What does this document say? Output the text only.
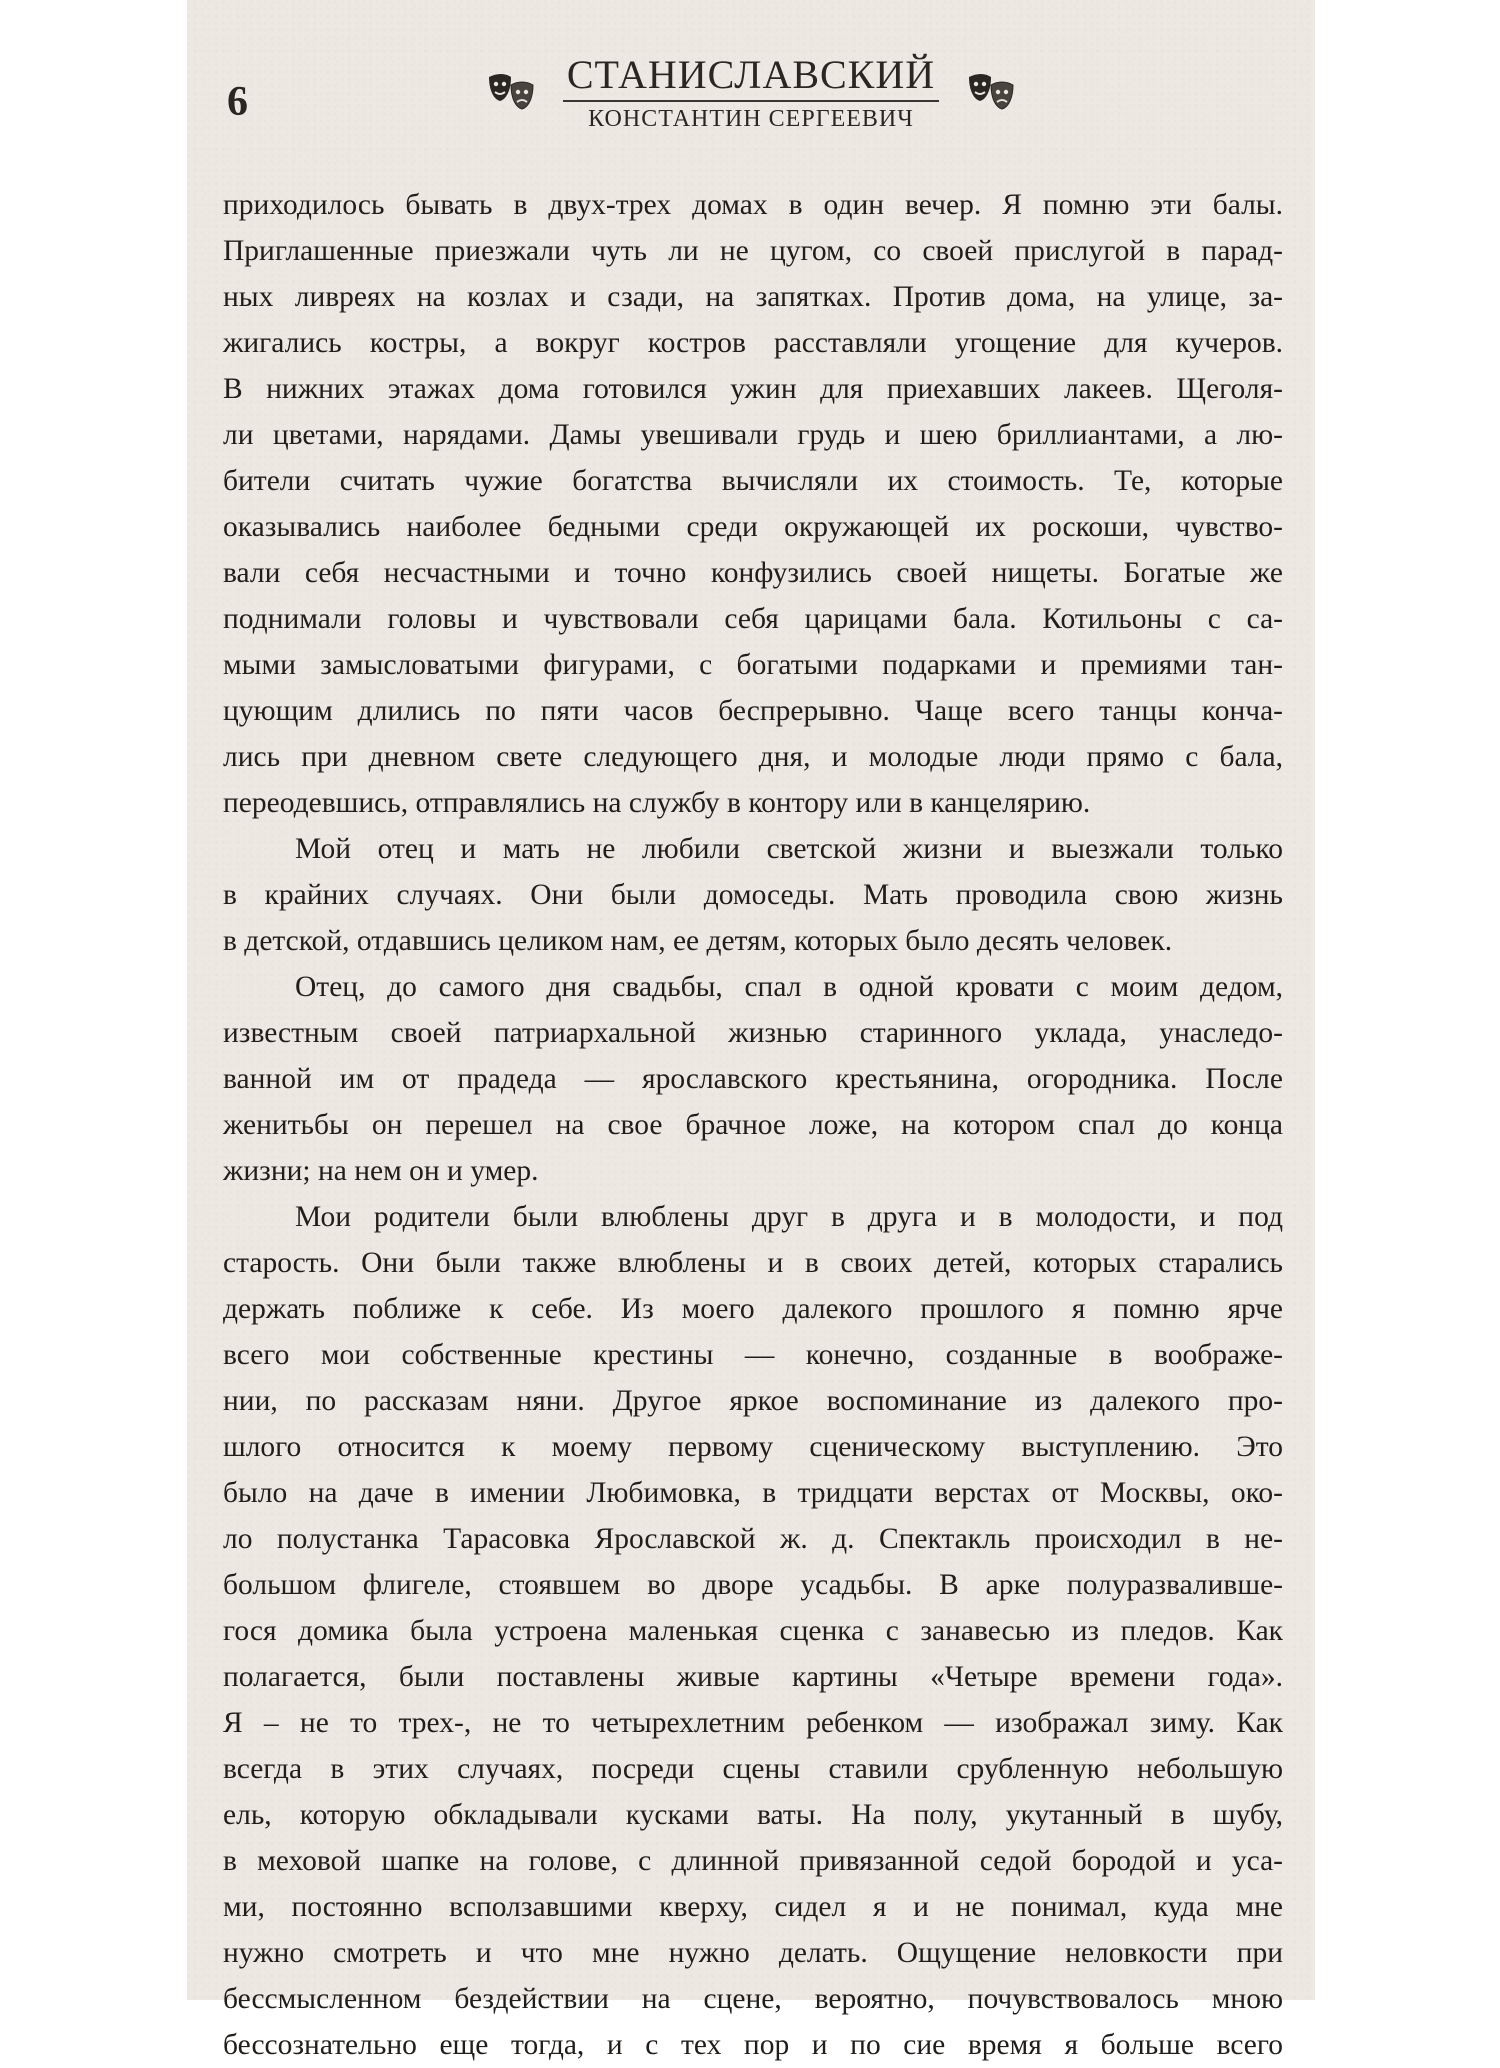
6
СТАНИСЛАВСКИЙ
КОНСТАНТИН СЕРГЕЕВИЧ

приходилось бывать в двух-трех домах в один вечер. Я помню эти балы.
Приглашенные приезжали чуть ли не цугом, со своей прислугой в парад-
ных ливреях на козлах и сзади, на запятках. Против дома, на улице, за-
жигались костры, а вокруг костров расставляли угощение для кучеров.
В нижних этажах дома готовился ужин для приехавших лакеев. Щеголя-
ли цветами, нарядами. Дамы увешивали грудь и шею бриллиантами, а лю-
бители считать чужие богатства вычисляли их стоимость. Те, которые
оказывались наиболее бедными среди окружающей их роскоши, чувство-
вали себя несчастными и точно конфузились своей нищеты. Богатые же
поднимали головы и чувствовали себя царицами бала. Котильоны с са-
мыми замысловатыми фигурами, с богатыми подарками и премиями тан-
цующим длились по пяти часов беспрерывно. Чаще всего танцы конча-
лись при дневном свете следующего дня, и молодые люди прямо с бала,
переодевшись, отправлялись на службу в контору или в канцелярию.

Мой отец и мать не любили светской жизни и выезжали только
в крайних случаях. Они были домоседы. Мать проводила свою жизнь
в детской, отдавшись целиком нам, ее детям, которых было десять человек.

Отец, до самого дня свадьбы, спал в одной кровати с моим дедом,
известным своей патриархальной жизнью старинного уклада, унаследо-
ванной им от прадеда — ярославского крестьянина, огородника. После
женитьбы он перешел на свое брачное ложе, на котором спал до конца
жизни; на нем он и умер.

Мои родители были влюблены друг в друга и в молодости, и под
старость. Они были также влюблены и в своих детей, которых старались
держать поближе к себе. Из моего далекого прошлого я помню ярче
всего мои собственные крестины — конечно, созданные в воображе-
нии, по рассказам няни. Другое яркое воспоминание из далекого про-
шлого относится к моему первому сценическому выступлению. Это
было на даче в имении Любимовка, в тридцати верстах от Москвы, око-
ло полустанка Тарасовка Ярославской ж. д. Спектакль происходил в не-
большом флигеле, стоявшем во дворе усадьбы. В арке полуразваливше-
гося домика была устроена маленькая сценка с занавесью из пледов. Как
полагается, были поставлены живые картины «Четыре времени года».
Я – не то трех-, не то четырехлетним ребенком — изображал зиму. Как
всегда в этих случаях, посреди сцены ставили срубленную небольшую
ель, которую обкладывали кусками ваты. На полу, укутанный в шубу,
в меховой шапке на голове, с длинной привязанной седой бородой и уса-
ми, постоянно всползавшими кверху, сидел я и не понимал, куда мне
нужно смотреть и что мне нужно делать. Ощущение неловкости при
бессмысленном бездействии на сцене, вероятно, почувствовалось мною
бессознательно еще тогда, и с тех пор и по сие время я больше всего
